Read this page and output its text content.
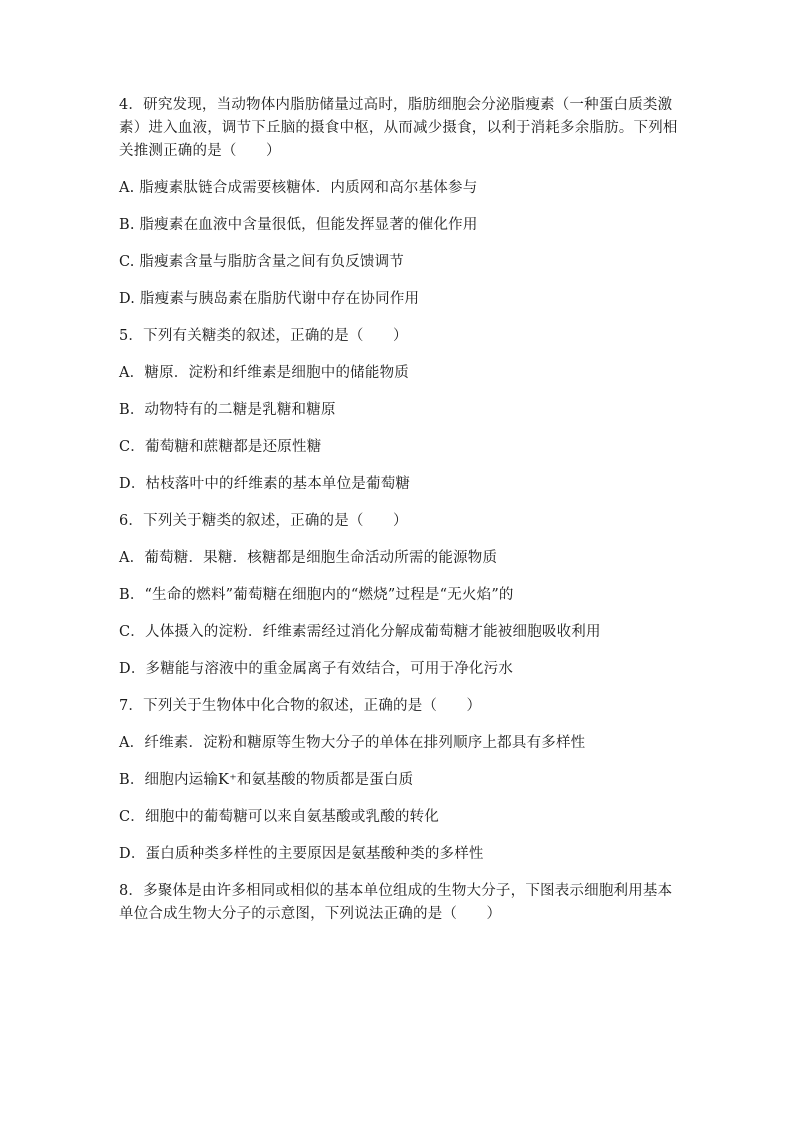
4．研究发现，当动物体内脂肪储量过高时，脂肪细胞会分泌脂瘦素（一种蛋白质类激素）进入血液，调节下丘脑的摄食中枢，从而减少摄食，以利于消耗多余脂肪。下列相关推测正确的是（　　）

A. 脂瘦素肽链合成需要核糖体．内质网和高尔基体参与

B. 脂瘦素在血液中含量很低，但能发挥显著的催化作用

C. 脂瘦素含量与脂肪含量之间有负反馈调节

D. 脂瘦素与胰岛素在脂肪代谢中存在协同作用

5．下列有关糖类的叙述，正确的是（　　）

A．糖原．淀粉和纤维素是细胞中的储能物质

B．动物特有的二糖是乳糖和糖原

C．葡萄糖和蔗糖都是还原性糖

D．枯枝落叶中的纤维素的基本单位是葡萄糖

6．下列关于糖类的叙述，正确的是（　　）

A．葡萄糖．果糖．核糖都是细胞生命活动所需的能源物质

B．“生命的燃料”葡萄糖在细胞内的“燃烧”过程是“无火焰”的

C．人体摄入的淀粉．纤维素需经过消化分解成葡萄糖才能被细胞吸收利用

D．多糖能与溶液中的重金属离子有效结合，可用于净化污水

7．下列关于生物体中化合物的叙述，正确的是（　　）

A．纤维素．淀粉和糖原等生物大分子的单体在排列顺序上都具有多样性

B．细胞内运输K⁺和氨基酸的物质都是蛋白质

C．细胞中的葡萄糖可以来自氨基酸或乳酸的转化

D．蛋白质种类多样性的主要原因是氨基酸种类的多样性

8．多聚体是由许多相同或相似的基本单位组成的生物大分子，下图表示细胞利用基本单位合成生物大分子的示意图，下列说法正确的是（　　）
